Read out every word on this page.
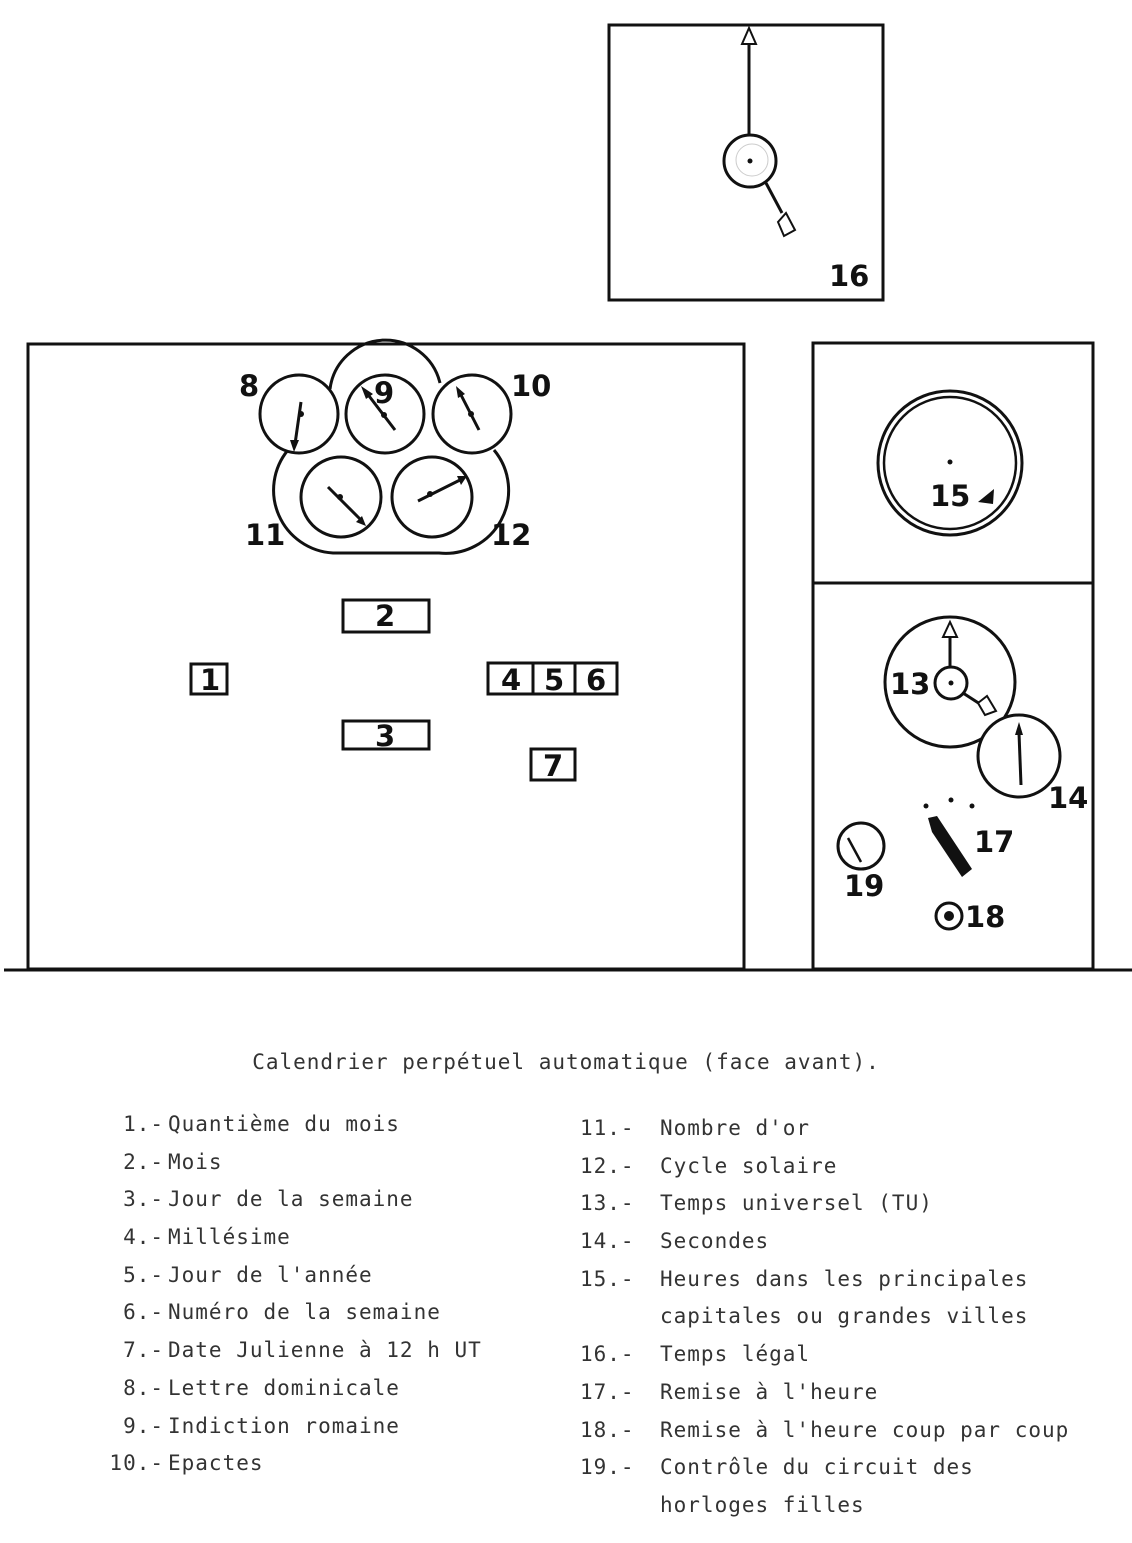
1
2
3
4 5 6
7
8	9	10
11	12
13
14
15
16
17
18
19
Calendrier perpétuel automatique (face avant).
1.- Quantième du mois
2.- Mois
3.- Jour de la semaine
4.- Millésime
5.- Jour de l'année
6.- Numéro de la semaine
7.- Date Julienne à 12 h UT
8.- Lettre dominicale
9.- Indiction romaine
10.- Epactes
11.- Nombre d'or
12.- Cycle solaire
13.- Temps universel (TU)
14.- Secondes
15.- Heures dans les principales
capitales ou grandes villes
16.- Temps légal
17.- Remise à l'heure
18.- Remise à l'heure coup par coup
19.- Contrôle du circuit des
horloges filles
